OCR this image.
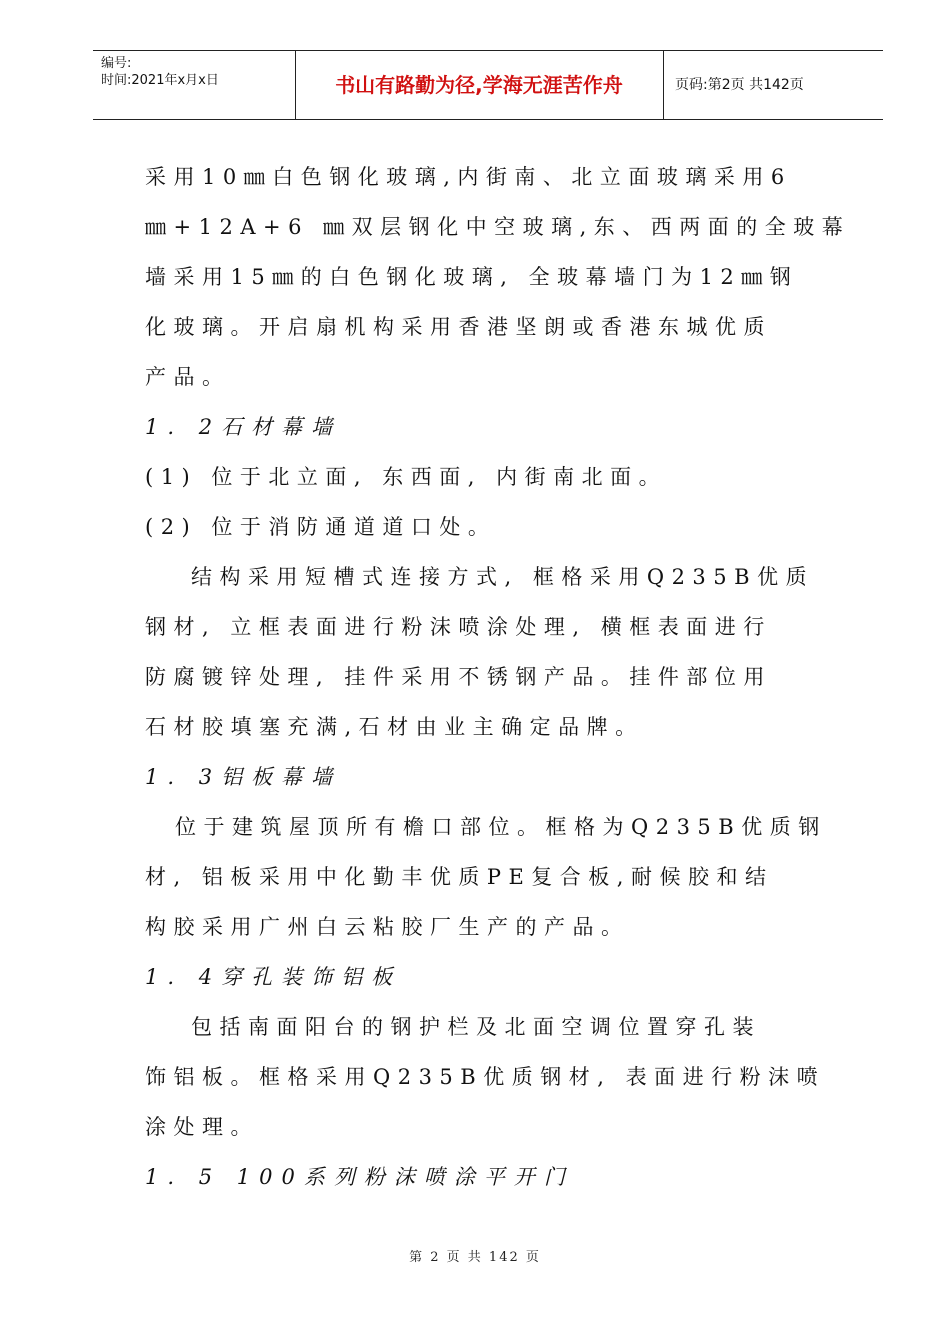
编号:
时间:2021年x月x日	书山有路勤为径,学海无涯苦作舟	页码:第2页 共142页
采用10㎜白色钢化玻璃,内街南、北立面玻璃采用6
㎜+12A+6 ㎜双层钢化中空玻璃,东、西两面的全玻幕
墙采用15㎜的白色钢化玻璃, 全玻幕墙门为12㎜钢
化玻璃。开启扇机构采用香港坚朗或香港东城优质
产品。
1. 2石材幕墙
(1) 位于北立面, 东西面, 内街南北面。
(2) 位于消防通道道口处。
结构采用短槽式连接方式, 框格采用Q235B优质
钢材, 立框表面进行粉沫喷涂处理, 横框表面进行
防腐镀锌处理, 挂件采用不锈钢产品。挂件部位用
石材胶填塞充满,石材由业主确定品牌。
1. 3铝板幕墙
位于建筑屋顶所有檐口部位。框格为Q235B优质钢
材, 铝板采用中化勤丰优质PE复合板,耐候胶和结
构胶采用广州白云粘胶厂生产的产品。
1. 4穿孔装饰铝板
包括南面阳台的钢护栏及北面空调位置穿孔装
饰铝板。框格采用Q235B优质钢材, 表面进行粉沫喷
涂处理。
1. 5 100系列粉沫喷涂平开门
第 2 页 共 142 页
